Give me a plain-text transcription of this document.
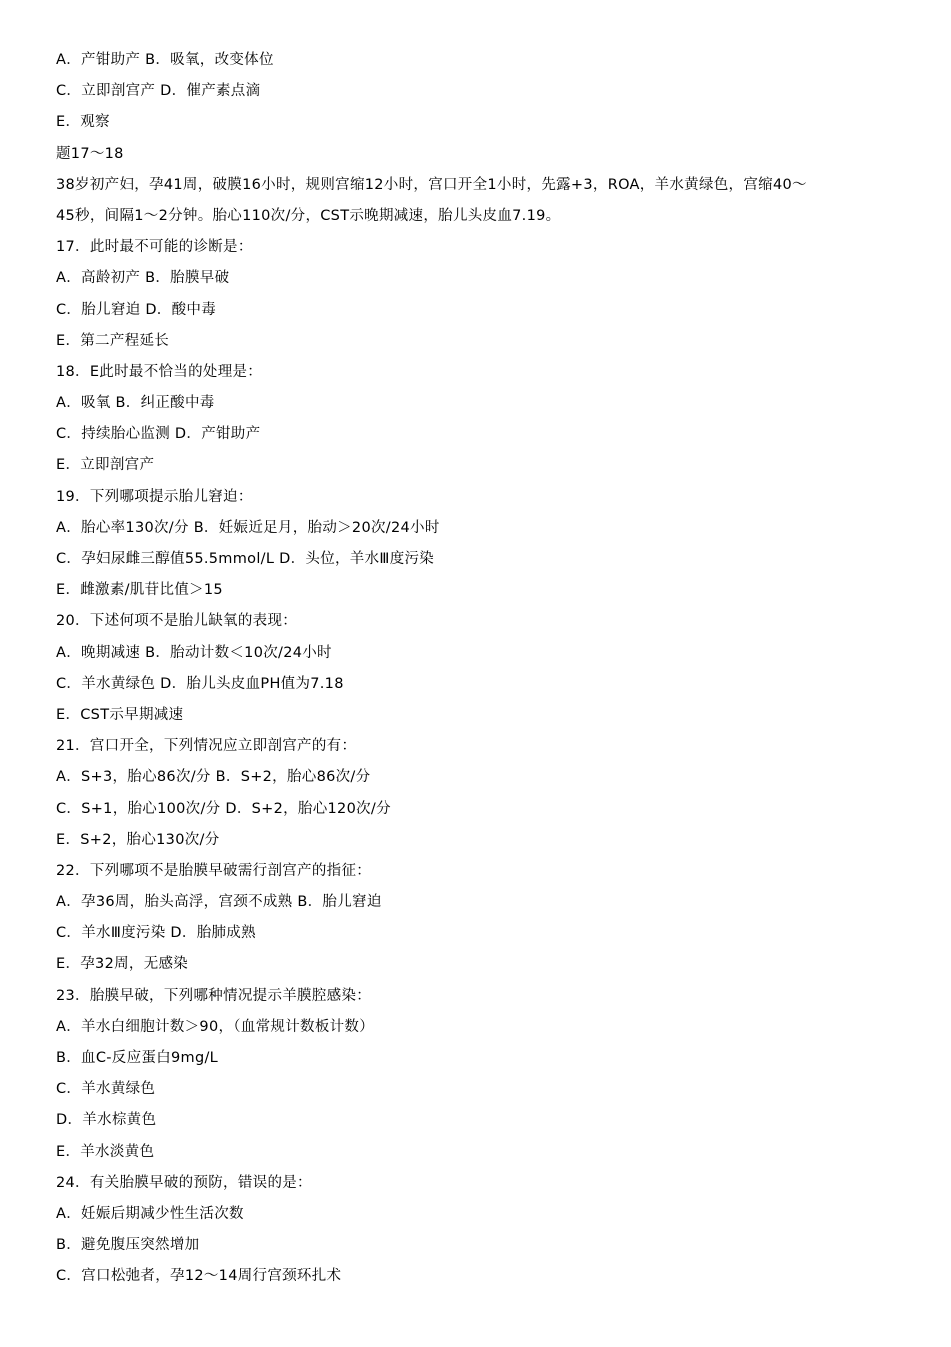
A．产钳助产 B．吸氧，改变体位
C．立即剖宫产 D．催产素点滴
E．观察
题17～18
38岁初产妇，孕41周，破膜16小时，规则宫缩12小时，宫口开全1小时，先露+3，ROA，羊水黄绿色，宫缩40～
45秒，间隔1～2分钟。胎心110次/分，CST示晚期减速，胎儿头皮血7.19。
17．此时最不可能的诊断是：
A．高龄初产 B．胎膜早破
C．胎儿窘迫 D．酸中毒
E．第二产程延长
18．E此时最不恰当的处理是：
A．吸氧 B．纠正酸中毒
C．持续胎心监测 D．产钳助产
E．立即剖宫产
19．下列哪项提示胎儿窘迫：
A．胎心率130次/分 B．妊娠近足月，胎动＞20次/24小时
C．孕妇尿雌三醇值55.5mmol/L D．头位，羊水Ⅲ度污染
E．雌激素/肌苷比值＞15
20．下述何项不是胎儿缺氧的表现：
A．晚期减速 B．胎动计数＜10次/24小时
C．羊水黄绿色 D．胎儿头皮血PH值为7.18
E．CST示早期减速
21．宫口开全，下列情况应立即剖宫产的有：
A．S+3，胎心86次/分 B．S+2，胎心86次/分
C．S+1，胎心100次/分 D．S+2，胎心120次/分
E．S+2，胎心130次/分
22．下列哪项不是胎膜早破需行剖宫产的指征：
A．孕36周，胎头高浮，宫颈不成熟 B．胎儿窘迫
C．羊水Ⅲ度污染 D．胎肺成熟
E．孕32周，无感染
23．胎膜早破，下列哪种情况提示羊膜腔感染：
A．羊水白细胞计数＞90，（血常规计数板计数）
B．血C-反应蛋白9mg/L
C．羊水黄绿色
D．羊水棕黄色
E．羊水淡黄色
24．有关胎膜早破的预防，错误的是：
A．妊娠后期减少性生活次数
B．避免腹压突然增加
C．宫口松弛者，孕12～14周行宫颈环扎术
